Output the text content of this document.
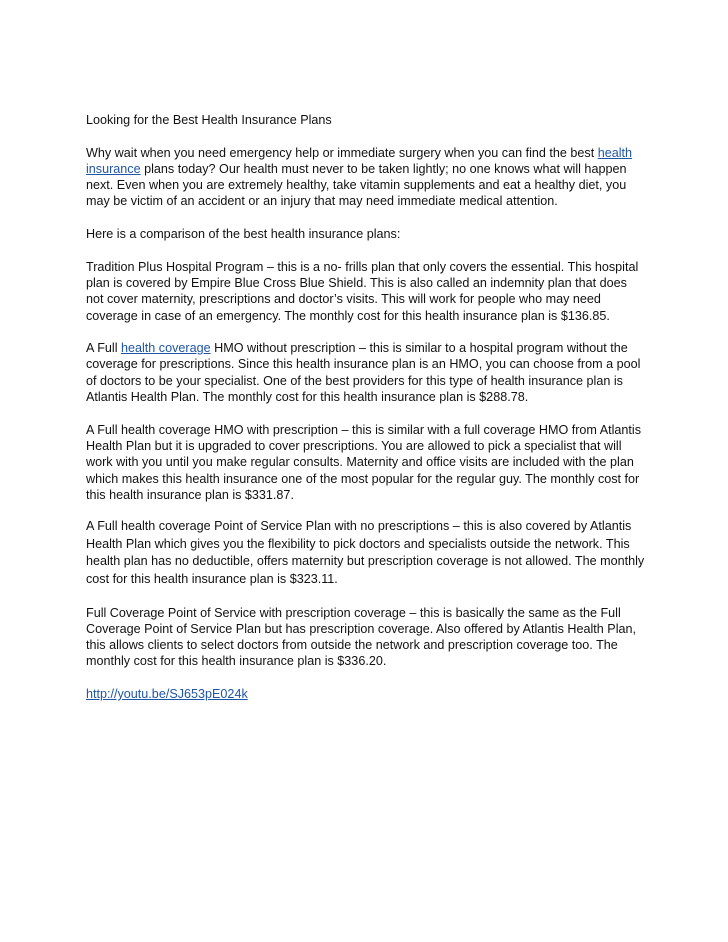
Looking for the Best Health Insurance Plans

Why wait when you need emergency help or immediate surgery when you can find the best health insurance plans today? Our health must never to be taken lightly; no one knows what will happen next. Even when you are extremely healthy, take vitamin supplements and eat a healthy diet, you may be victim of an accident or an injury that may need immediate medical attention.

Here is a comparison of the best health insurance plans:

Tradition Plus Hospital Program – this is a no- frills plan that only covers the essential. This hospital plan is covered by Empire Blue Cross Blue Shield. This is also called an indemnity plan that does not cover maternity, prescriptions and doctor’s visits. This will work for people who may need coverage in case of an emergency. The monthly cost for this health insurance plan is $136.85.

A Full health coverage HMO without prescription – this is similar to a hospital program without the coverage for prescriptions. Since this health insurance plan is an HMO, you can choose from a pool of doctors to be your specialist. One of the best providers for this type of health insurance plan is Atlantis Health Plan. The monthly cost for this health insurance plan is $288.78.

A Full health coverage HMO with prescription – this is similar with a full coverage HMO from Atlantis Health Plan but it is upgraded to cover prescriptions. You are allowed to pick a specialist that will work with you until you make regular consults. Maternity and office visits are included with the plan which makes this health insurance one of the most popular for the regular guy. The monthly cost for this health insurance plan is $331.87.

A Full health coverage Point of Service Plan with no prescriptions – this is also covered by Atlantis Health Plan which gives you the flexibility to pick doctors and specialists outside the network. This health plan has no deductible, offers maternity but prescription coverage is not allowed. The monthly cost for this health insurance plan is $323.11.

Full Coverage Point of Service with prescription coverage – this is basically the same as the Full Coverage Point of Service Plan but has prescription coverage. Also offered by Atlantis Health Plan, this allows clients to select doctors from outside the network and prescription coverage too. The monthly cost for this health insurance plan is $336.20.

http://youtu.be/SJ653pE024k
